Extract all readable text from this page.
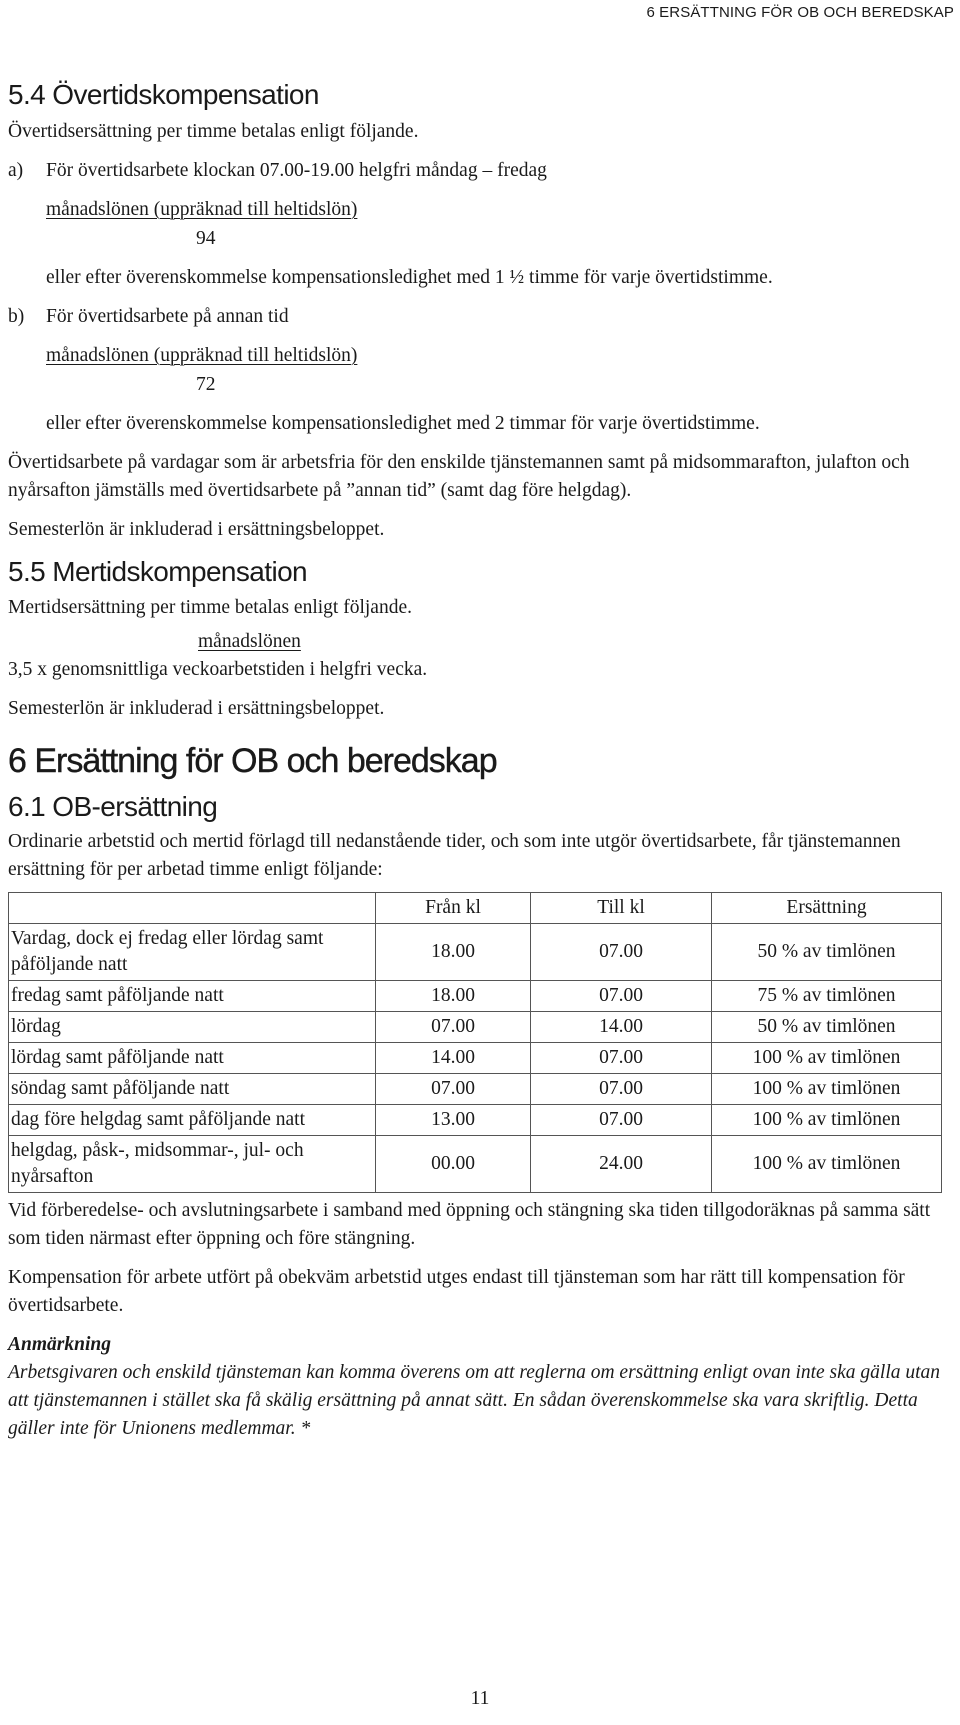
6 ERSÄTTNING FÖR OB OCH BEREDSKAP
5.4 Övertidskompensation

Övertidsersättning per timme betalas enligt följande.

a)	För övertidsarbete klockan 07.00-19.00 helgfri måndag – fredag
månadslönen (uppräknad till heltidslön)
94

eller efter överenskommelse kompensationsledighet med 1 ½ timme för varje övertidstimme.

b)	För övertidsarbete på annan tid
månadslönen (uppräknad till heltidslön)
72

eller efter överenskommelse kompensationsledighet med 2 timmar för varje övertidstimme.

Övertidsarbete på vardagar som är arbetsfria för den enskilde tjänstemannen samt på midsommarafton, julafton och nyårsafton jämställs med övertidsarbete på ”annan tid” (samt dag före helgdag).

Semesterlön är inkluderad i ersättningsbeloppet.

5.5 Mertidskompensation

Mertidsersättning per timme betalas enligt följande.

månadslönen
3,5 x genomsnittliga veckoarbetstiden i helgfri vecka.

Semesterlön är inkluderad i ersättningsbeloppet.

6 Ersättning för OB och beredskap
6.1 OB-ersättning

Ordinarie arbetstid och mertid förlagd till nedanstående tider, och som inte utgör övertidsarbete, får tjänstemannen ersättning för per arbetad timme enligt följande:

	Från kl	Till kl	Ersättning
Vardag, dock ej fredag eller lördag samt påföljande natt	18.00	07.00	50 % av timlönen
fredag samt påföljande natt	18.00	07.00	75 % av timlönen
lördag	07.00	14.00	50 % av timlönen
lördag samt påföljande natt	14.00	07.00	100 % av timlönen
söndag samt påföljande natt	07.00	07.00	100 % av timlönen
dag före helgdag samt påföljande natt	13.00	07.00	100 % av timlönen
helgdag, påsk-, midsommar-, jul- och nyårsafton	00.00	24.00	100 % av timlönen

Vid förberedelse- och avslutningsarbete i samband med öppning och stängning ska tiden tillgodoräknas på samma sätt som tiden närmast efter öppning och före stängning.

Kompensation för arbete utfört på obekväm arbetstid utges endast till tjänsteman som har rätt till kompensation för övertidsarbete.

Anmärkning

Arbetsgivaren och enskild tjänsteman kan komma överens om att reglerna om ersättning enligt ovan inte ska gälla utan att tjänstemannen i stället ska få skälig ersättning på annat sätt. En sådan överenskommelse ska vara skriftlig. Detta gäller inte för Unionens medlemmar. *

11
